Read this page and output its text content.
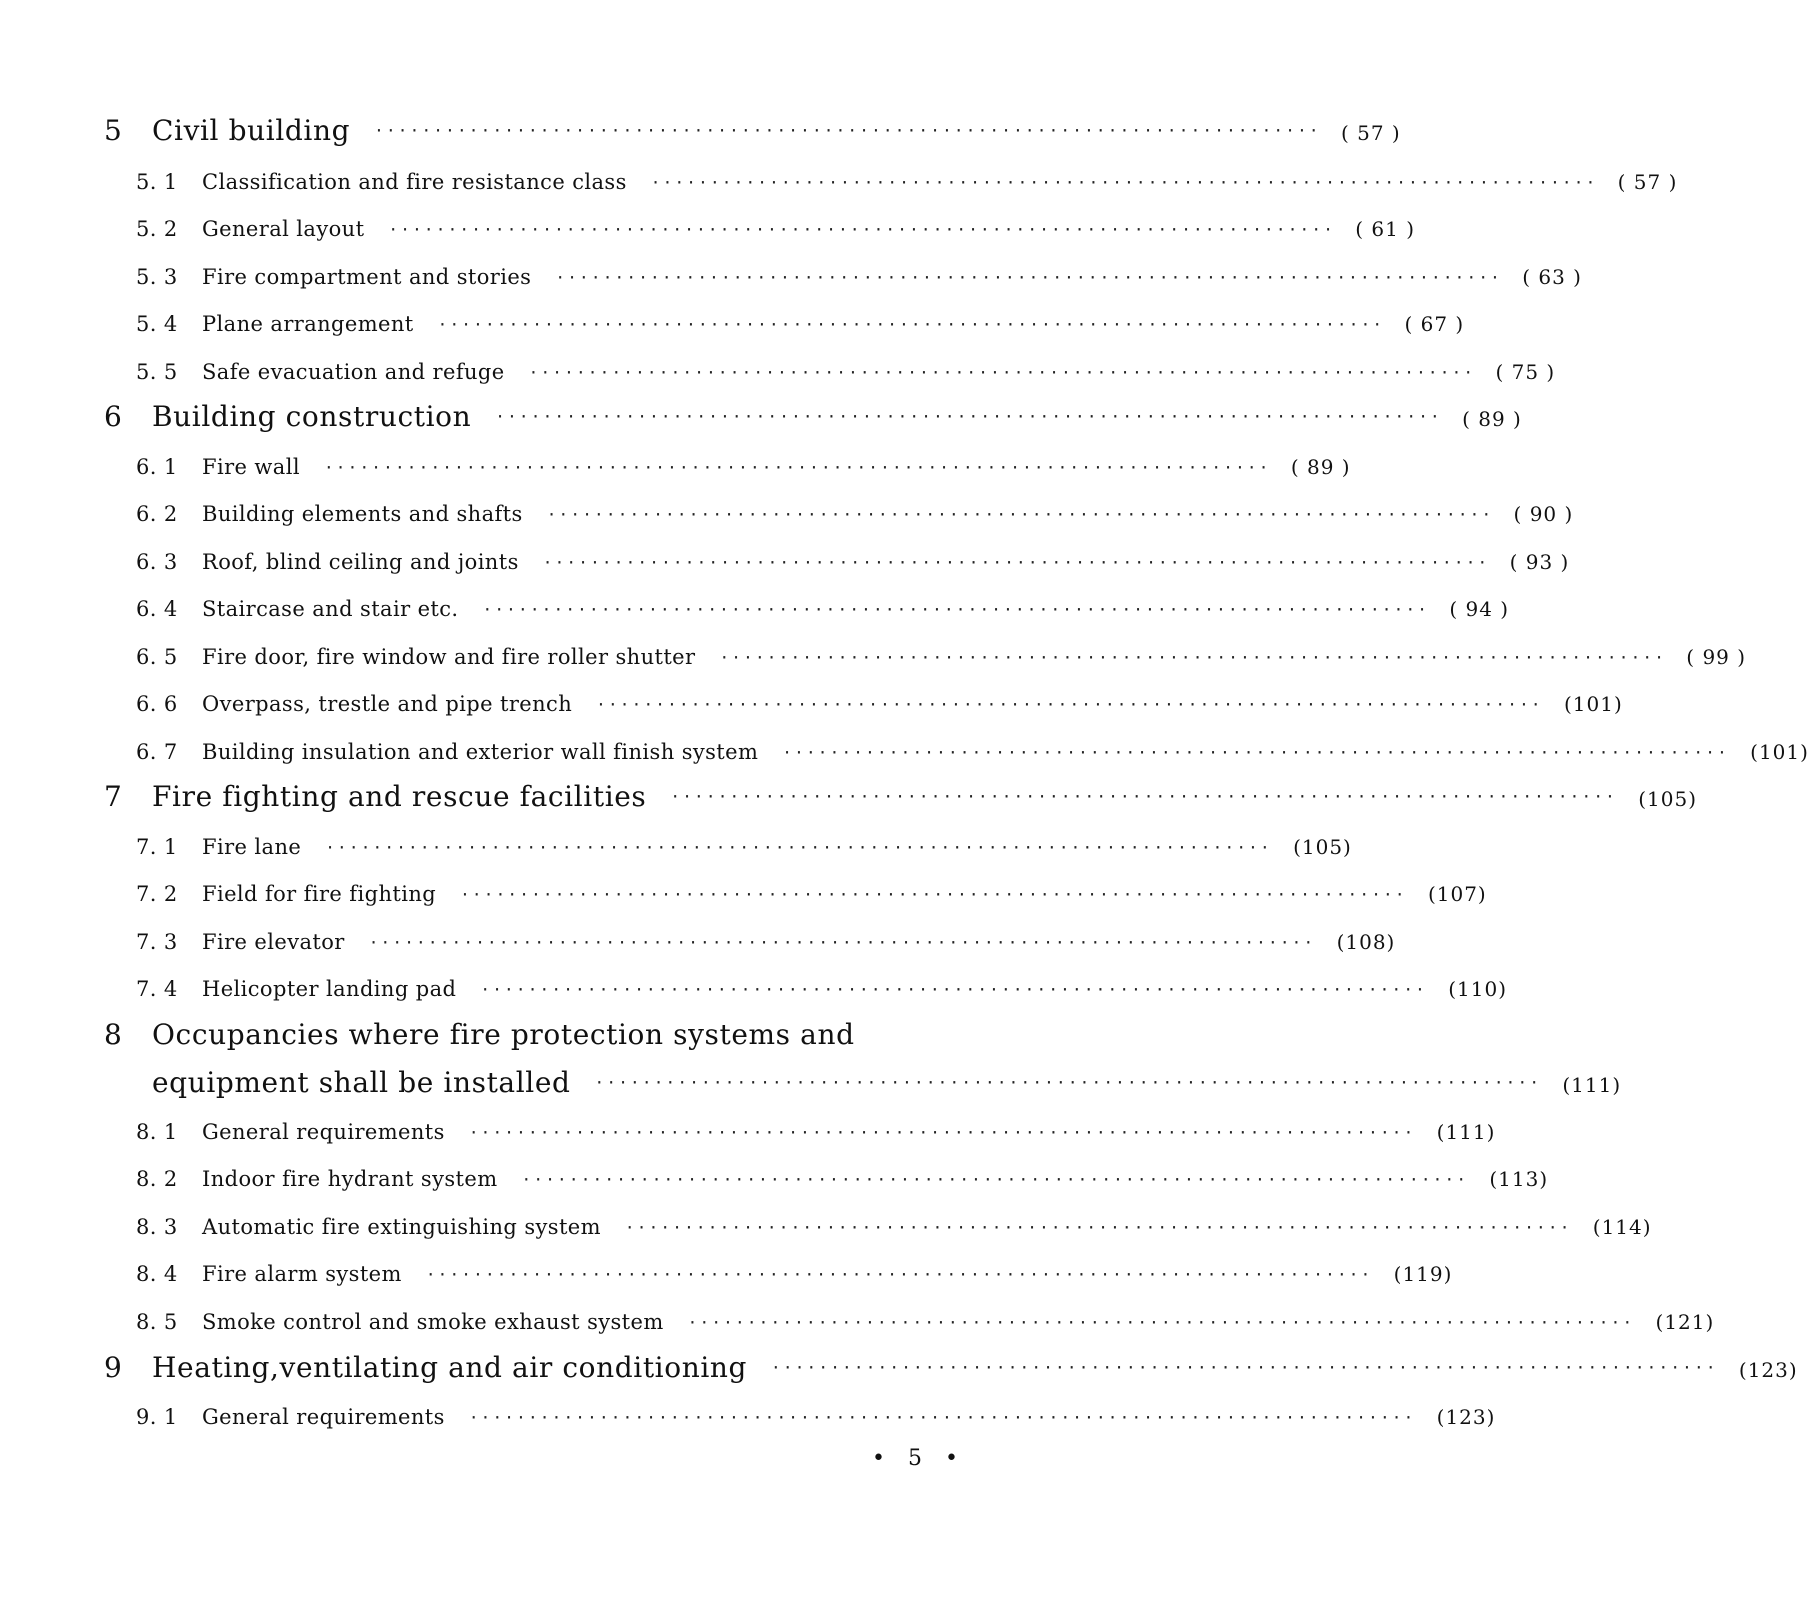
5	Civil building ················································································ ( 57 )
5. 1	Classification and fire resistance class ················································································ ( 57 )
5. 2	General layout ················································································ ( 61 )
5. 3	Fire compartment and stories ················································································ ( 63 )
5. 4	Plane arrangement ················································································ ( 67 )
5. 5	Safe evacuation and refuge ················································································ ( 75 )
6	Building construction ················································································ ( 89 )
6. 1	Fire wall ················································································ ( 89 )
6. 2	Building elements and shafts ················································································ ( 90 )
6. 3	Roof, blind ceiling and joints ················································································ ( 93 )
6. 4	Staircase and stair etc. ················································································ ( 94 )
6. 5	Fire door, fire window and fire roller shutter ················································································ ( 99 )
6. 6	Overpass, trestle and pipe trench ················································································ (101)
6. 7	Building insulation and exterior wall finish system ················································································ (101)
7	Fire fighting and rescue facilities ················································································ (105)
7. 1	Fire lane ················································································ (105)
7. 2	Field for fire fighting ················································································ (107)
7. 3	Fire elevator ················································································ (108)
7. 4	Helicopter landing pad ················································································ (110)
8	Occupancies where fire protection systems and
equipment shall be installed ················································································ (111)
8. 1	General requirements ················································································ (111)
8. 2	Indoor fire hydrant system ················································································ (113)
8. 3	Automatic fire extinguishing system ················································································ (114)
8. 4	Fire alarm system ················································································ (119)
8. 5	Smoke control and smoke exhaust system ················································································ (121)
9	Heating,ventilating and air conditioning ················································································ (123)
9. 1	General requirements ················································································ (123)
• 5 •
